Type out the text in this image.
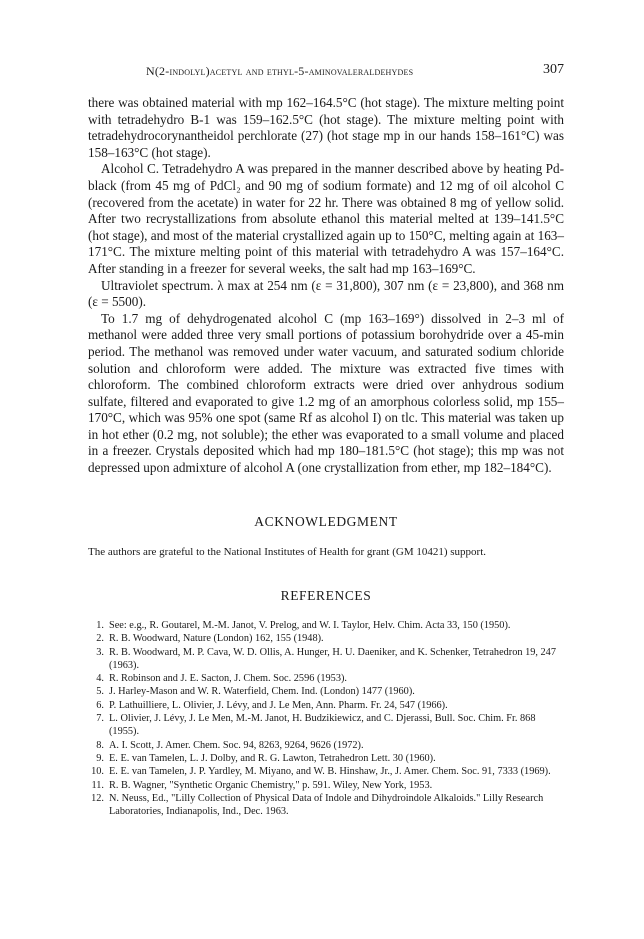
N(2-indolyl)acetyl and ethyl-5-aminovaleraldehydes	307

there was obtained material with mp 162–164.5°C (hot stage). The mixture melting point with tetradehydro B-1 was 159–162.5°C (hot stage). The mixture melting point with tetradehydrocorynantheidol perchlorate (27) (hot stage mp in our hands 158–161°C) was 158–163°C (hot stage).

Alcohol C. Tetradehydro A was prepared in the manner described above by heating Pd-black (from 45 mg of PdCl₂ and 90 mg of sodium formate) and 12 mg of oil alcohol C (recovered from the acetate) in water for 22 hr. There was obtained 8 mg of yellow solid. After two recrystallizations from absolute ethanol this material melted at 139–141.5°C (hot stage), and most of the material crystallized again up to 150°C, melting again at 163–171°C. The mixture melting point of this material with tetradehydro A was 157–164°C. After standing in a freezer for several weeks, the salt had mp 163–169°C.

Ultraviolet spectrum. λ max at 254 nm (ε = 31,800), 307 nm (ε = 23,800), and 368 nm (ε = 5500).

To 1.7 mg of dehydrogenated alcohol C (mp 163–169°) dissolved in 2–3 ml of methanol were added three very small portions of potassium borohydride over a 45-min period. The methanol was removed under water vacuum, and saturated sodium chloride solution and chloroform were added. The mixture was extracted five times with chloroform. The combined chloroform extracts were dried over anhydrous sodium sulfate, filtered and evaporated to give 1.2 mg of an amorphous colorless solid, mp 155–170°C, which was 95% one spot (same Rf as alcohol I) on tlc. This material was taken up in hot ether (0.2 mg, not soluble); the ether was evaporated to a small volume and placed in a freezer. Crystals deposited which had mp 180–181.5°C (hot stage); this mp was not depressed upon admixture of alcohol A (one crystallization from ether, mp 182–184°C).

ACKNOWLEDGMENT
The authors are grateful to the National Institutes of Health for grant (GM 10421) support.
REFERENCES
1. See: e.g., R. Goutarel, M.-M. Janot, V. Prelog, and W. I. Taylor, Helv. Chim. Acta 33, 150 (1950).
2. R. B. Woodward, Nature (London) 162, 155 (1948).
3. R. B. Woodward, M. P. Cava, W. D. Ollis, A. Hunger, H. U. Daeniker, and K. Schenker, Tetrahedron 19, 247 (1963).
4. R. Robinson and J. E. Sacton, J. Chem. Soc. 2596 (1953).
5. J. Harley-Mason and W. R. Waterfield, Chem. Ind. (London) 1477 (1960).
6. P. Lathuilliere, L. Olivier, J. Lévy, and J. Le Men, Ann. Pharm. Fr. 24, 547 (1966).
7. L. Olivier, J. Lévy, J. Le Men, M.-M. Janot, H. Budzikiewicz, and C. Djerassi, Bull. Soc. Chim. Fr. 868 (1955).
8. A. I. Scott, J. Amer. Chem. Soc. 94, 8263, 9264, 9626 (1972).
9. E. E. van Tamelen, L. J. Dolby, and R. G. Lawton, Tetrahedron Lett. 30 (1960).
10. E. E. van Tamelen, J. P. Yardley, M. Miyano, and W. B. Hinshaw, Jr., J. Amer. Chem. Soc. 91, 7333 (1969).
11. R. B. Wagner, "Synthetic Organic Chemistry," p. 591. Wiley, New York, 1953.
12. N. Neuss, Ed., "Lilly Collection of Physical Data of Indole and Dihydroindole Alkaloids." Lilly Research Laboratories, Indianapolis, Ind., Dec. 1963.
